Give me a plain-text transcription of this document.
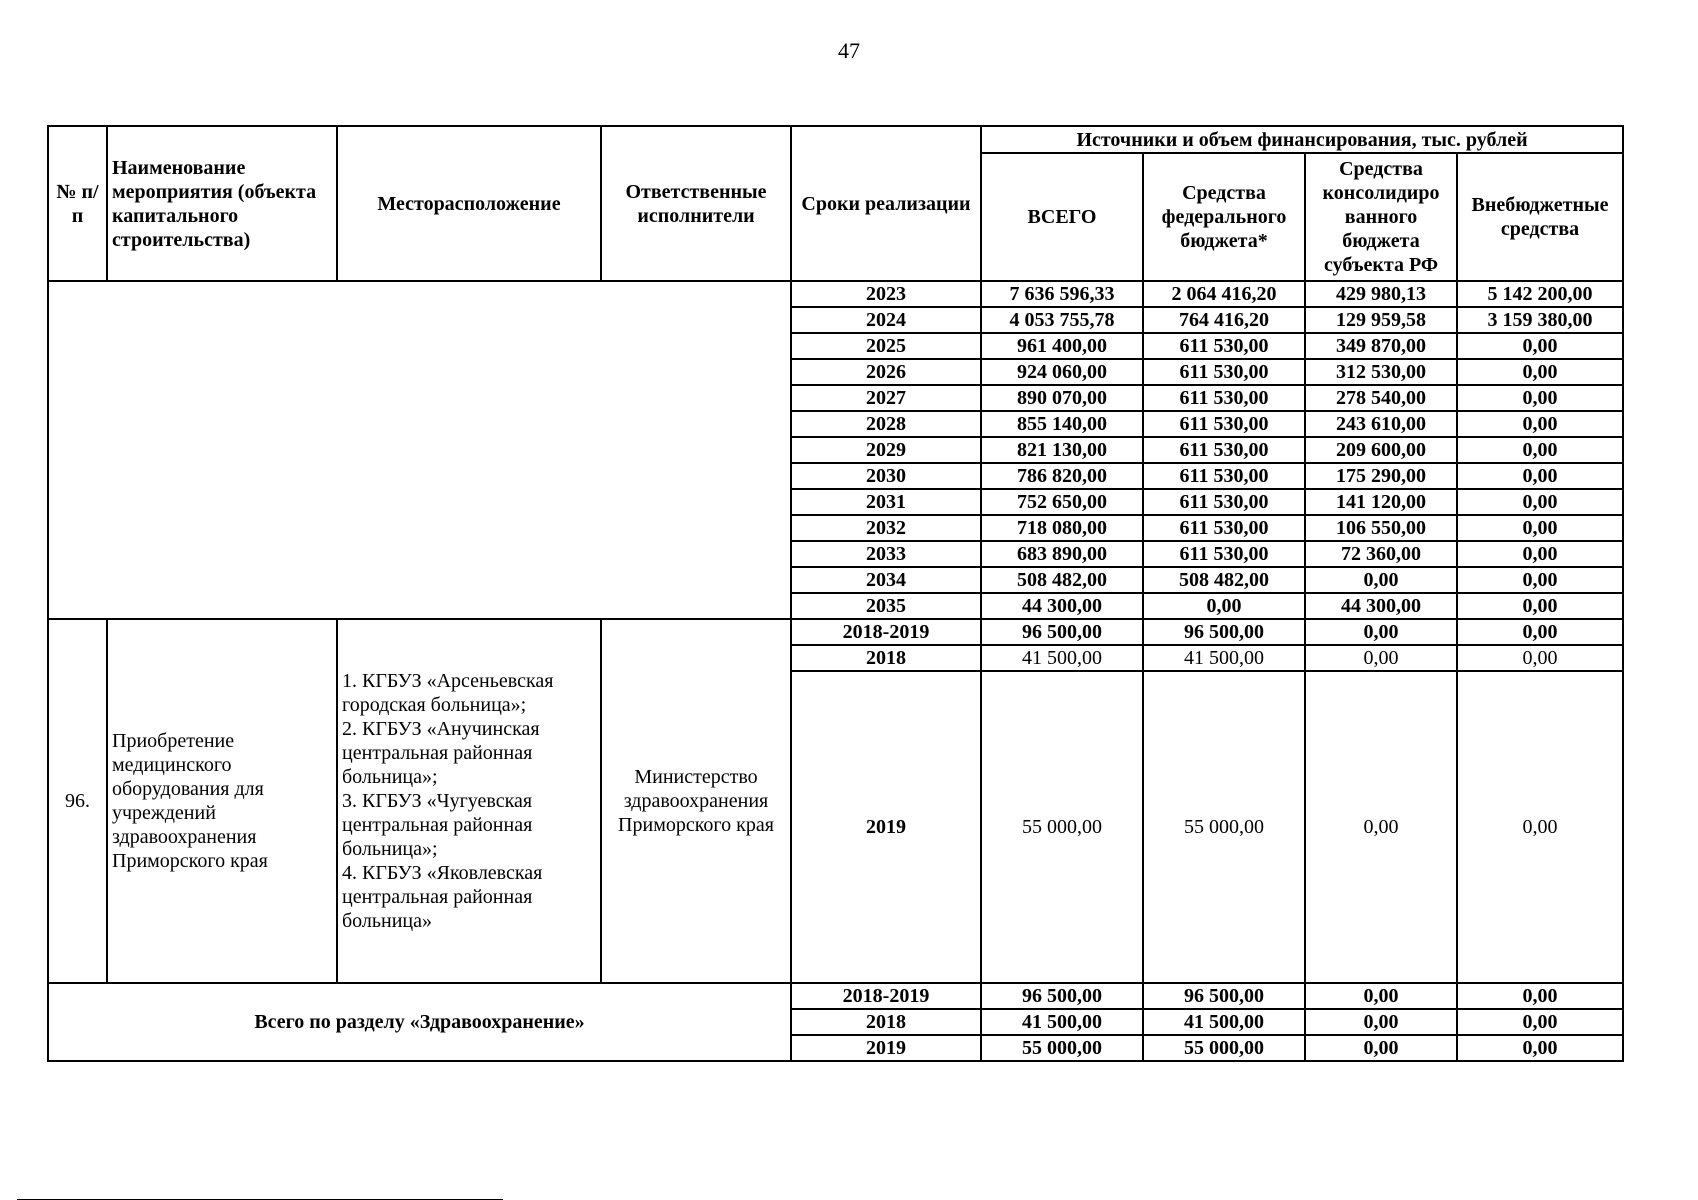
47
№ п/п	Наименование мероприятия (объекта капитального строительства)	Месторасположение	Ответственные исполнители	Сроки реализации	Источники и объем финансирования, тыс. рублей			
					ВСЕГО	Средства федерального бюджета*	Средства консолидиро ванного бюджета субъекта РФ	Внебюджетные средства
				2023	7 636 596,33	2 064 416,20	429 980,13	5 142 200,00
				2024	4 053 755,78	764 416,20	129 959,58	3 159 380,00
				2025	961 400,00	611 530,00	349 870,00	0,00
				2026	924 060,00	611 530,00	312 530,00	0,00
				2027	890 070,00	611 530,00	278 540,00	0,00
				2028	855 140,00	611 530,00	243 610,00	0,00
				2029	821 130,00	611 530,00	209 600,00	0,00
				2030	786 820,00	611 530,00	175 290,00	0,00
				2031	752 650,00	611 530,00	141 120,00	0,00
				2032	718 080,00	611 530,00	106 550,00	0,00
				2033	683 890,00	611 530,00	72 360,00	0,00
				2034	508 482,00	508 482,00	0,00	0,00
				2035	44 300,00	0,00	44 300,00	0,00
96.	Приобретение медицинского оборудования для учреждений здравоохранения Приморского края	1. КГБУЗ «Арсеньевская городская больница»;
2. КГБУЗ «Анучинская центральная районная больница»;
3. КГБУЗ «Чугуевская центральная районная больница»;
4. КГБУЗ «Яковлевская центральная районная больница»	Министерство здравоохранения Приморского края	2018-2019	96 500,00	96 500,00	0,00	0,00
				2018	41 500,00	41 500,00	0,00	0,00
				2019	55 000,00	55 000,00	0,00	0,00
Всего по разделу «Здравоохранение»				2018-2019	96 500,00	96 500,00	0,00	0,00
				2018	41 500,00	41 500,00	0,00	0,00
				2019	55 000,00	55 000,00	0,00	0,00
